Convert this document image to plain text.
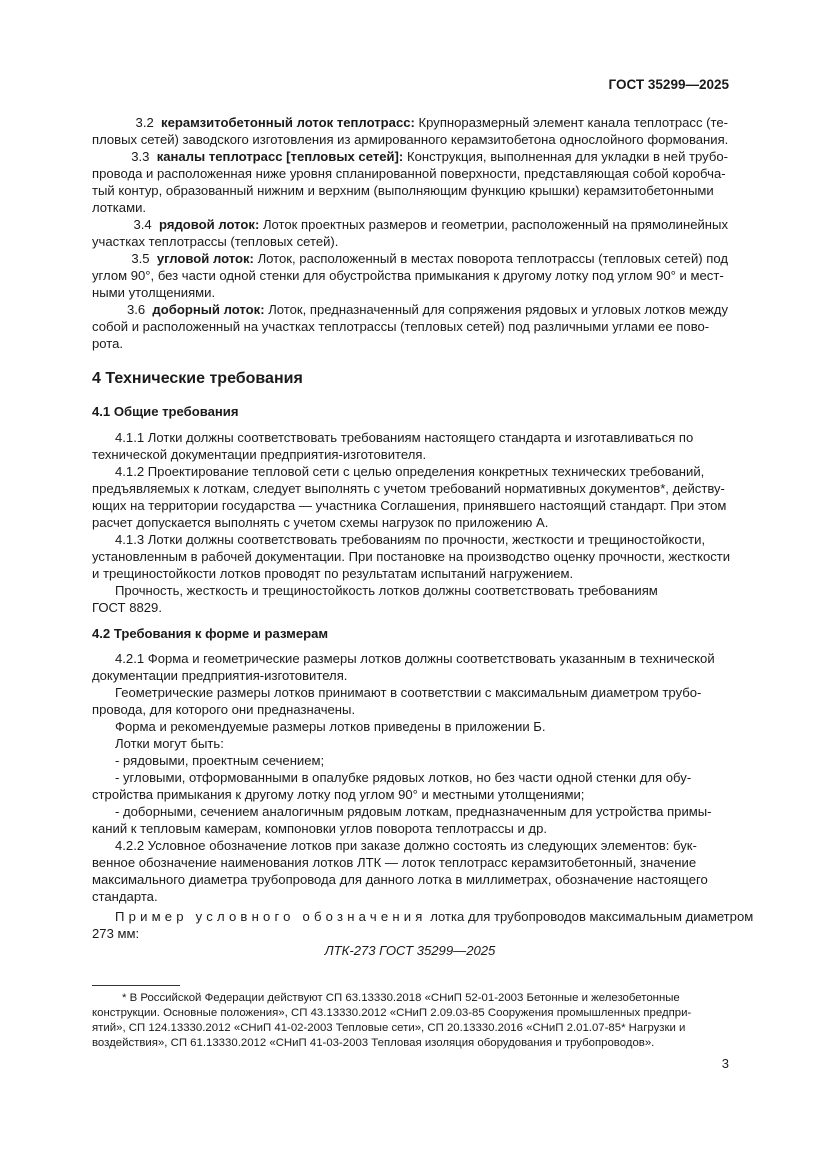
ГОСТ 35299—2025
3.2 керамзитобетонный лоток теплотрасс: Крупноразмерный элемент канала теплотрасс (те-
пловых сетей) заводского изготовления из армированного керамзитобетона однослойного формования.
3.3 каналы теплотрасс [тепловых сетей]: Конструкция, выполненная для укладки в ней трубо-
провода и расположенная ниже уровня спланированной поверхности, представляющая собой коробча-
тый контур, образованный нижним и верхним (выполняющим функцию крышки) керамзитобетонными
лотками.
3.4 рядовой лоток: Лоток проектных размеров и геометрии, расположенный на прямолинейных
участках теплотрассы (тепловых сетей).
3.5 угловой лоток: Лоток, расположенный в местах поворота теплотрассы (тепловых сетей) под
углом 90°, без части одной стенки для обустройства примыкания к другому лотку под углом 90° и мест-
ными утолщениями.
3.6 доборный лоток: Лоток, предназначенный для сопряжения рядовых и угловых лотков между
собой и расположенный на участках теплотрассы (тепловых сетей) под различными углами ее пово-
рота.
4 Технические требования
4.1 Общие требования
4.1.1 Лотки должны соответствовать требованиям настоящего стандарта и изготавливаться по
технической документации предприятия-изготовителя.
4.1.2 Проектирование тепловой сети с целью определения конкретных технических требований,
предъявляемых к лоткам, следует выполнять с учетом требований нормативных документов*, действу-
ющих на территории государства — участника Соглашения, принявшего настоящий стандарт. При этом
расчет допускается выполнять с учетом схемы нагрузок по приложению А.
4.1.3 Лотки должны соответствовать требованиям по прочности, жесткости и трещиностойкости,
установленным в рабочей документации. При постановке на производство оценку прочности, жесткости
и трещиностойкости лотков проводят по результатам испытаний нагружением.
Прочность, жесткость и трещиностойкость лотков должны соответствовать требованиям
ГОСТ 8829.
4.2 Требования к форме и размерам
4.2.1 Форма и геометрические размеры лотков должны соответствовать указанным в технической
документации предприятия-изготовителя.
Геометрические размеры лотков принимают в соответствии с максимальным диаметром трубо-
провода, для которого они предназначены.
Форма и рекомендуемые размеры лотков приведены в приложении Б.
Лотки могут быть:
- рядовыми, проектным сечением;
- угловыми, отформованными в опалубке рядовых лотков, но без части одной стенки для обу-
стройства примыкания к другому лотку под углом 90° и местными утолщениями;
- доборными, сечением аналогичным рядовым лоткам, предназначенным для устройства примы-
каний к тепловым камерам, компоновки углов поворота теплотрассы и др.
4.2.2 Условное обозначение лотков при заказе должно состоять из следующих элементов: бук-
венное обозначение наименования лотков ЛТК — лоток теплотрасс керамзитобетонный, значение
максимального диаметра трубопровода для данного лотка в миллиметрах, обозначение настоящего
стандарта.
Пример условного обозначения лотка для трубопроводов максимальным диаметром
273 мм:
ЛТК-273 ГОСТ 35299—2025
* В Российской Федерации действуют СП 63.13330.2018 «СНиП 52-01-2003 Бетонные и железобетонные
конструкции. Основные положения», СП 43.13330.2012 «СНиП 2.09.03-85 Сооружения промышленных предпри-
ятий», СП 124.13330.2012 «СНиП 41-02-2003 Тепловые сети», СП 20.13330.2016 «СНиП 2.01.07-85* Нагрузки и
воздействия», СП 61.13330.2012 «СНиП 41-03-2003 Тепловая изоляция оборудования и трубопроводов».
3
